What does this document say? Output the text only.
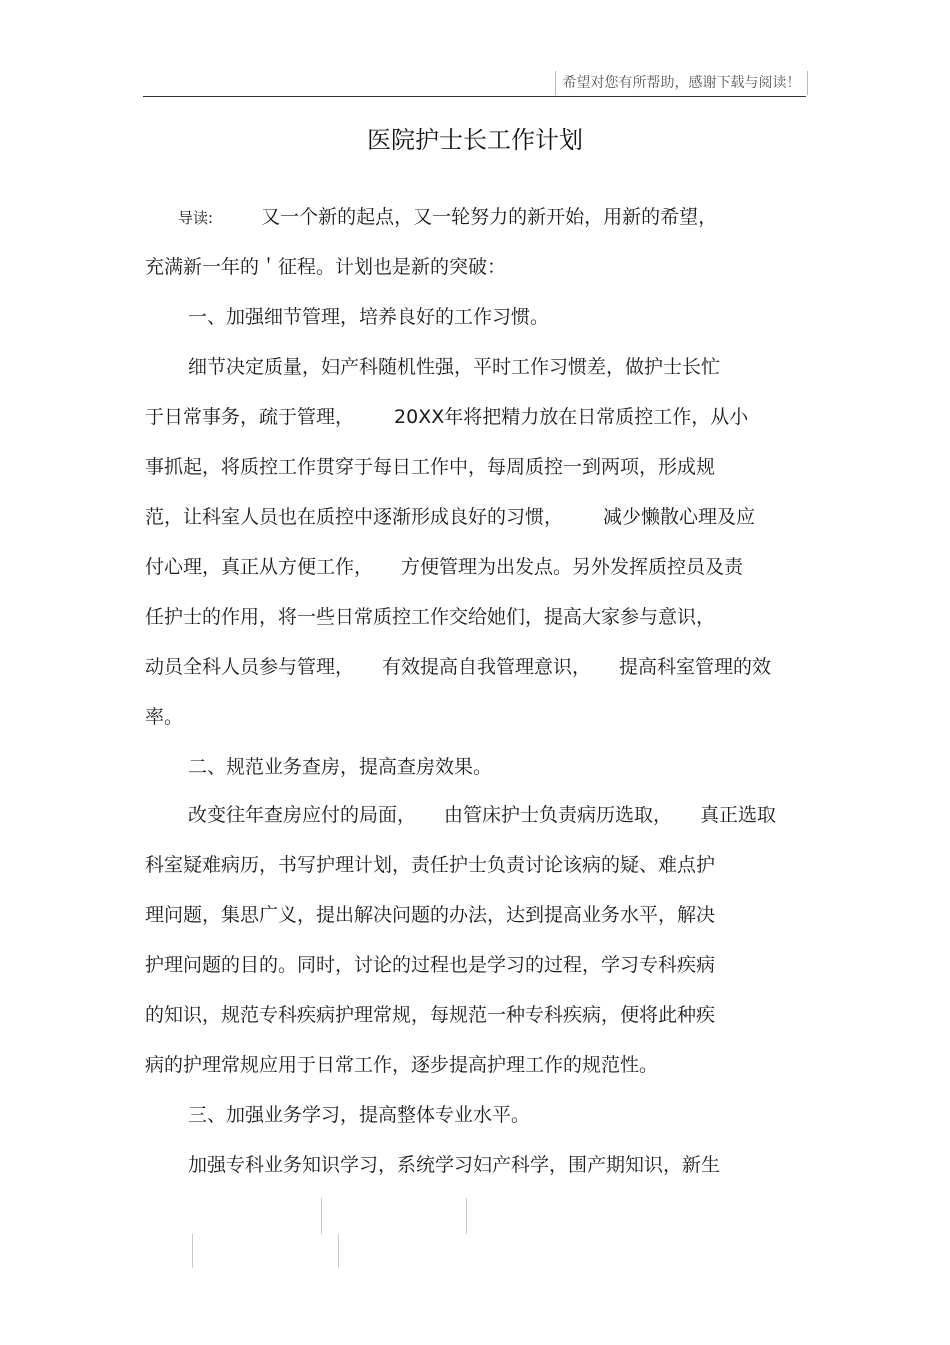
希望对您有所帮助，感谢下载与阅读！
医院护士长工作计划
导读:	又一个新的起点，又一轮努力的新开始，用新的希望，
充满新一年的＇征程。计划也是新的突破：
一、加强细节管理，培养良好的工作习惯。
细节决定质量，妇产科随机性强，平时工作习惯差，做护士长忙
于日常事务，疏于管理， 20XX年将把精力放在日常质控工作，从小
事抓起，将质控工作贯穿于每日工作中，每周质控一到两项，形成规
范，让科室人员也在质控中逐渐形成良好的习惯， 减少懒散心理及应
付心理，真正从方便工作， 方便管理为出发点。另外发挥质控员及责
任护士的作用，将一些日常质控工作交给她们，提高大家参与意识，
动员全科人员参与管理， 有效提高自我管理意识， 提高科室管理的效
率。
二、规范业务查房，提高查房效果。
改变往年查房应付的局面， 由管床护士负责病历选取， 真正选取
科室疑难病历，书写护理计划，责任护士负责讨论该病的疑、难点护
理问题，集思广义，提出解决问题的办法，达到提高业务水平，解决
护理问题的目的。同时，讨论的过程也是学习的过程，学习专科疾病
的知识，规范专科疾病护理常规，每规范一种专科疾病，便将此种疾
病的护理常规应用于日常工作，逐步提高护理工作的规范性。
三、加强业务学习，提高整体专业水平。
加强专科业务知识学习，系统学习妇产科学，围产期知识，新生
